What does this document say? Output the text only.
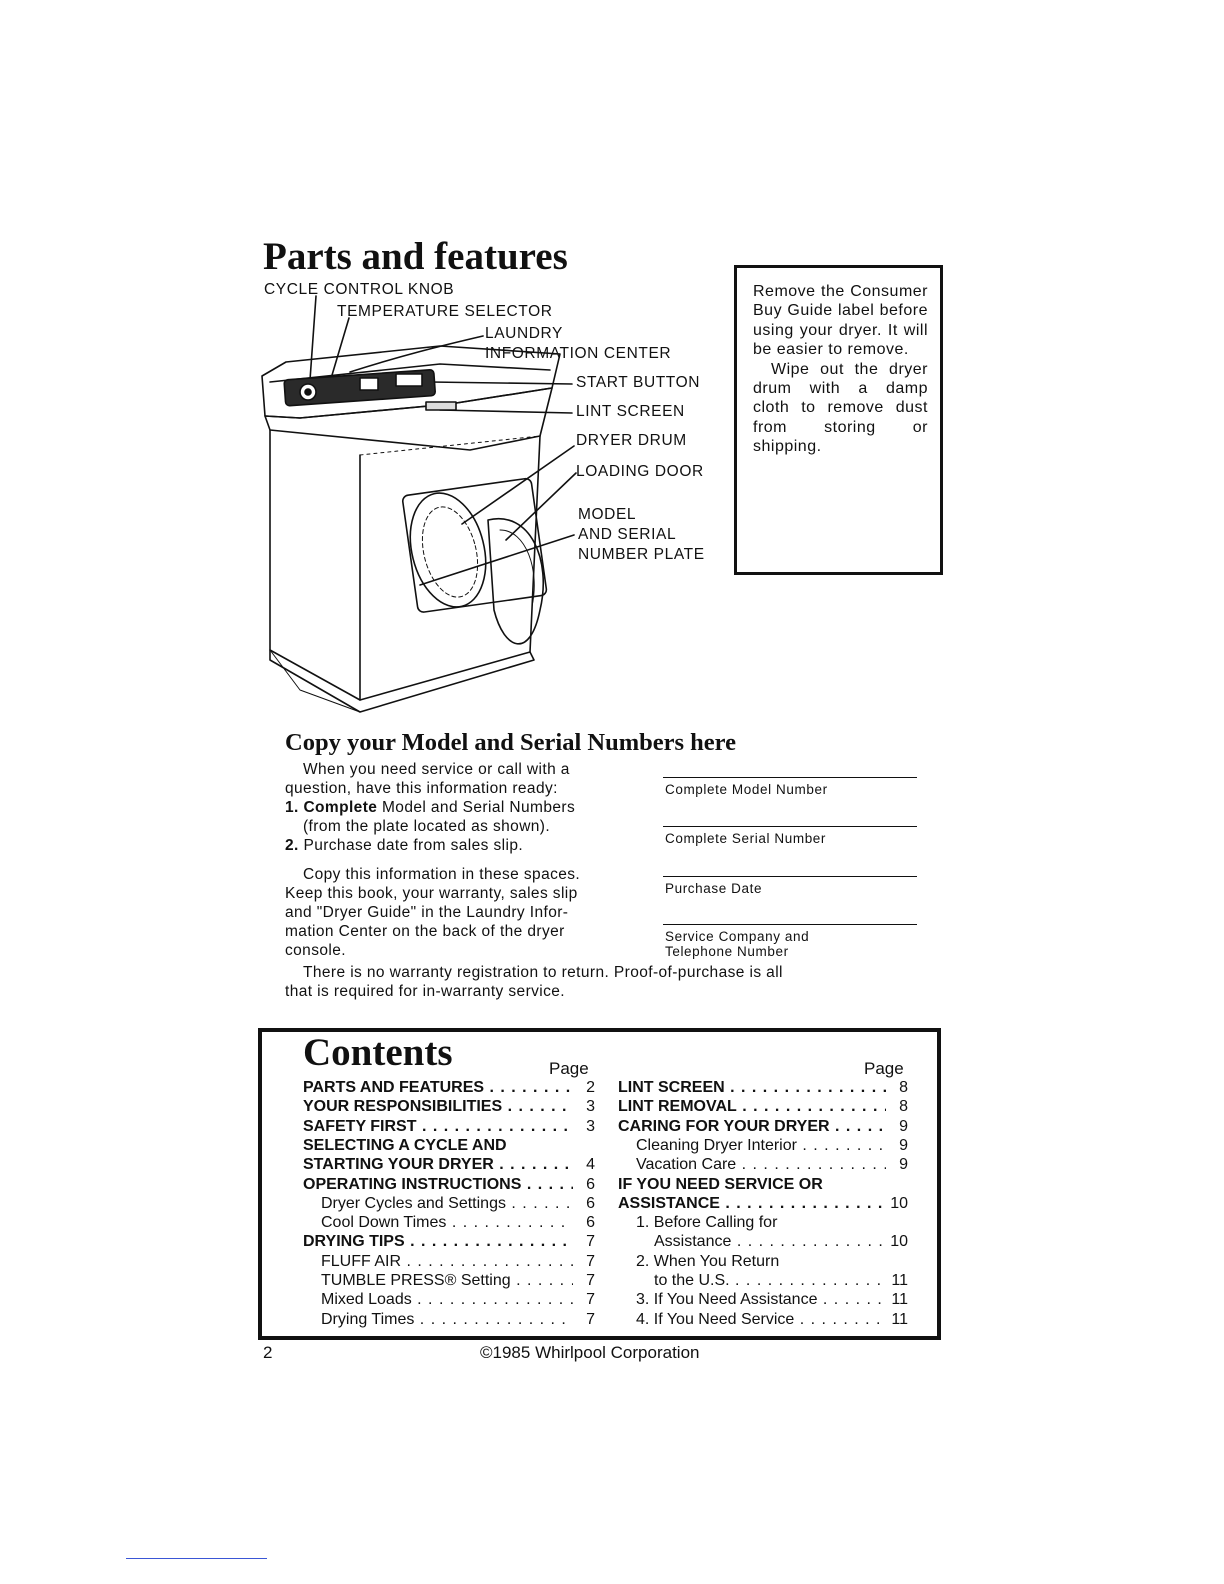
Parts and features
CYCLE CONTROL KNOB
TEMPERATURE SELECTOR
LAUNDRY
INFORMATION CENTER
START BUTTON
LINT SCREEN
DRYER DRUM
LOADING DOOR
MODEL
AND SERIAL
NUMBER PLATE

Remove the Consumer Buy Guide label before using your dryer. It will be easier to remove.

Wipe out the dryer drum with a damp cloth to remove dust from storing or shipping.

Copy your Model and Serial Numbers here
When you need service or call with a
question, have this information ready:
1. Complete Model and Serial Numbers
(from the plate located as shown).
2. Purchase date from sales slip.
Copy this information in these spaces.
Keep this book, your warranty, sales slip
and "Dryer Guide" in the Laundry Infor-
mation Center on the back of the dryer
console.
There is no warranty registration to return. Proof-of-purchase is all
that is required for in-warranty service.
Complete Model Number
Complete Serial Number
Purchase Date
Service Company and
Telephone Number
Contents	Page	Page
PARTS AND FEATURES . . .	2
YOUR RESPONSIBILITIES . . .	3
SAFETY FIRST . . .	3
SELECTING A CYCLE AND
STARTING YOUR DRYER . . .	4
OPERATING INSTRUCTIONS . . .	6
Dryer Cycles and Settings . . .	6
Cool Down Times . . .	6
DRYING TIPS . . .	7
FLUFF AIR . . .	7
TUMBLE PRESS® Setting . . .	7
Mixed Loads . . .	7
Drying Times . . .	7
LINT SCREEN . . .	8
LINT REMOVAL . . .	8
CARING FOR YOUR DRYER . . .	9
Cleaning Dryer Interior . . .	9
Vacation Care . . .	9
IF YOU NEED SERVICE OR
ASSISTANCE . . .	10
1. Before Calling for
Assistance . . .	10
2. When You Return
to the U.S. . . .	11
3. If You Need Assistance . . .	11
4. If You Need Service . . .	11
2	©1985 Whirlpool Corporation
